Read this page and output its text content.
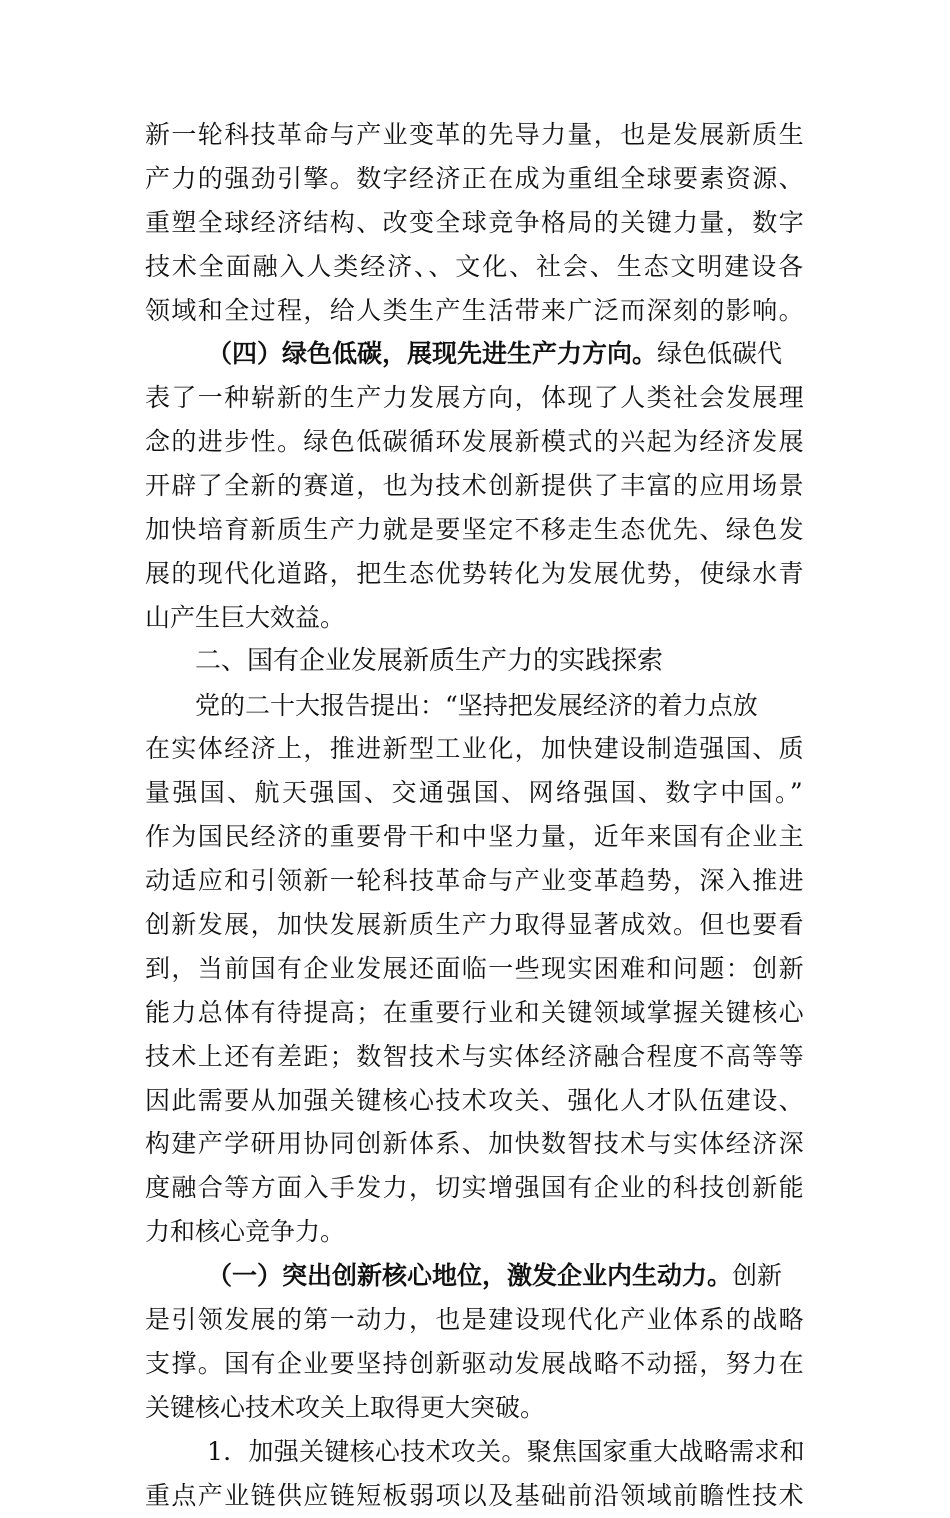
新一轮科技革命与产业变革的先导力量，也是发展新质生
产力的强劲引擎。数字经济正在成为重组全球要素资源、
重塑全球经济结构、改变全球竞争格局的关键力量，数字
技术全面融入人类经济、、文化、社会、生态文明建设各
领域和全过程，给人类生产生活带来广泛而深刻的影响。
（四）绿色低碳，展现先进生产力方向。绿色低碳代
表了一种崭新的生产力发展方向，体现了人类社会发展理
念的进步性。绿色低碳循环发展新模式的兴起为经济发展
开辟了全新的赛道，也为技术创新提供了丰富的应用场景
加快培育新质生产力就是要坚定不移走生态优先、绿色发
展的现代化道路，把生态优势转化为发展优势，使绿水青
山产生巨大效益。
二、国有企业发展新质生产力的实践探索
党的二十大报告提出：“坚持把发展经济的着力点放
在实体经济上，推进新型工业化，加快建设制造强国、质
量强国、航天强国、交通强国、网络强国、数字中国。”
作为国民经济的重要骨干和中坚力量，近年来国有企业主
动适应和引领新一轮科技革命与产业变革趋势，深入推进
创新发展，加快发展新质生产力取得显著成效。但也要看
到，当前国有企业发展还面临一些现实困难和问题：创新
能力总体有待提高；在重要行业和关键领域掌握关键核心
技术上还有差距；数智技术与实体经济融合程度不高等等
因此需要从加强关键核心技术攻关、强化人才队伍建设、
构建产学研用协同创新体系、加快数智技术与实体经济深
度融合等方面入手发力，切实增强国有企业的科技创新能
力和核心竞争力。
（一）突出创新核心地位，激发企业内生动力。创新
是引领发展的第一动力，也是建设现代化产业体系的战略
支撑。国有企业要坚持创新驱动发展战略不动摇，努力在
关键核心技术攻关上取得更大突破。
1．加强关键核心技术攻关。聚焦国家重大战略需求和
重点产业链供应链短板弱项以及基础前沿领域前瞻性技术
